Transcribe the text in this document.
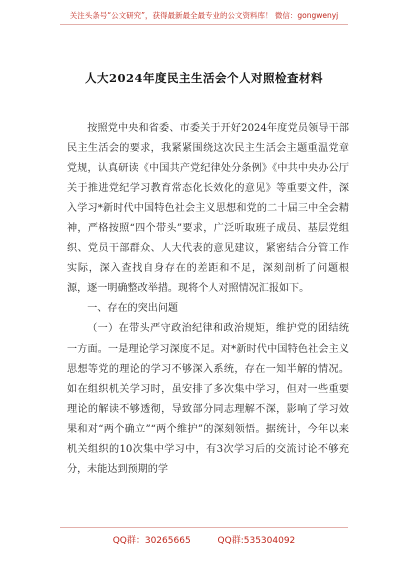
关注头条号“公文研究”，获得最新最全最专业的公文资料库！ 微信：gongwenyj
人大2024年度民主生活会个人对照检查材料

按照党中央和省委、市委关于开好2024年度党员领导干部民主生活会的要求，我紧紧围绕这次民主生活会主题重温党章党规，认真研读《中国共产党纪律处分条例》《中共中央办公厅关于推进党纪学习教育常态化长效化的意见》等重要文件，深入学习*新时代中国特色社会主义思想和党的二十届三中全会精神，严格按照“四个带头”要求，广泛听取班子成员、基层党组织、党员干部群众、人大代表的意见建议，紧密结合分管工作实际，深入查找自身存在的差距和不足，深刻剖析了问题根源，逐一明确整改举措。现将个人对照情况汇报如下。

一、存在的突出问题

（一）在带头严守政治纪律和政治规矩，维护党的团结统一方面。一是理论学习深度不足。对*新时代中国特色社会主义思想等党的理论的学习不够深入系统，存在一知半解的情况。如在组织机关学习时，虽安排了多次集中学习，但对一些重要理论的解读不够透彻，导致部分同志理解不深，影响了学习效果和对“两个确立”“两个维护”的深刻领悟。据统计，今年以来机关组织的10次集中学习中，有3次学习后的交流讨论不够充分，未能达到预期的学

QQ群：30265665	QQ群:535304092
